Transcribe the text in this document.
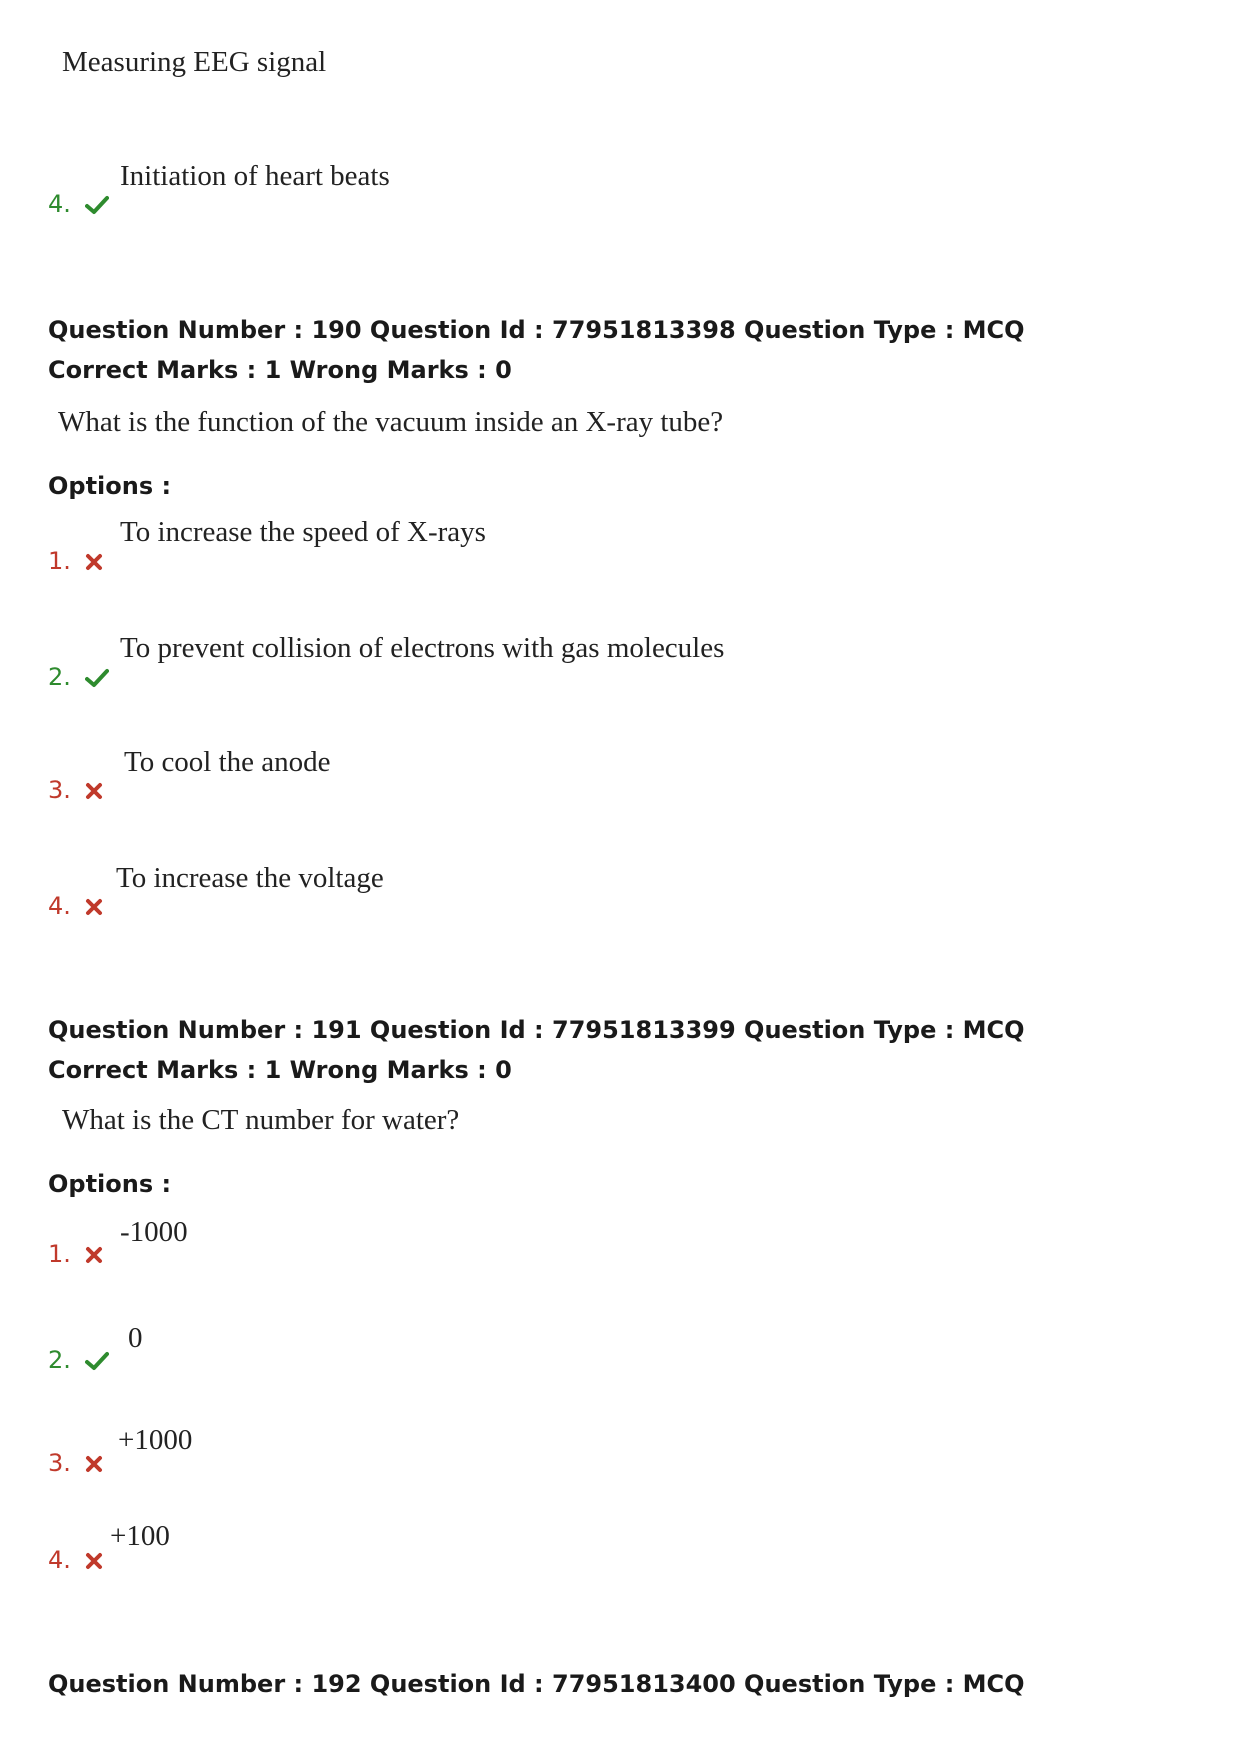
Measuring EEG signal
4.
Initiation of heart beats
Question Number : 190 Question Id : 77951813398 Question Type : MCQ
Correct Marks : 1 Wrong Marks : 0
What is the function of the vacuum inside an X-ray tube?
Options :
1.
To increase the speed of X-rays
2.
To prevent collision of electrons with gas molecules
3.
To cool the anode
4.
To increase the voltage
Question Number : 191 Question Id : 77951813399 Question Type : MCQ
Correct Marks : 1 Wrong Marks : 0
What is the CT number for water?
Options :
1.
-1000
2.
0
3.
+1000
4.
+100
Question Number : 192 Question Id : 77951813400 Question Type : MCQ
